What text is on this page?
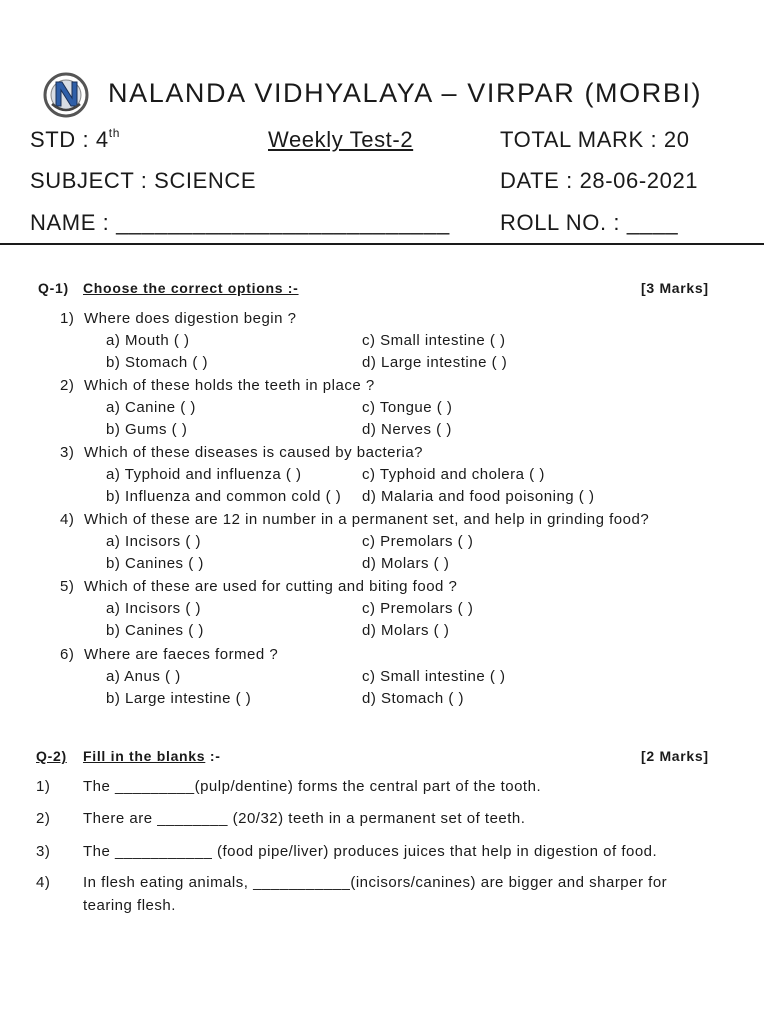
NALANDA VIDHYALAYA – VIRPAR (MORBI)
STD : 4th	Weekly Test-2	TOTAL MARK : 20
SUBJECT : SCIENCE	DATE : 28-06-2021
NAME : __________________________ ROLL NO. : ____
Q-1) Choose the correct options :-	[3 Marks]
1) Where does digestion begin ?
a) Mouth ( )	c) Small intestine ( )
b) Stomach ( )	d) Large intestine ( )
2) Which of these holds the teeth in place ?
a) Canine ( )	c) Tongue ( )
b) Gums ( )	d) Nerves ( )
3) Which of these diseases is caused by bacteria?
a) Typhoid and influenza ( )	c) Typhoid and cholera ( )
b) Influenza and common cold ( ) d) Malaria and food poisoning ( )
4) Which of these are 12 in number in a permanent set, and help in grinding food?
a) Incisors ( )	c) Premolars ( )
b) Canines ( )	d) Molars ( )
5) Which of these are used for cutting and biting food ?
a) Incisors ( )	c) Premolars ( )
b) Canines ( )	d) Molars ( )
6) Where are faeces formed ?
a) Anus ( )	c) Small intestine ( )
b) Large intestine ( )	d) Stomach ( )
Q-2) Fill in the blanks :-	[2 Marks]
1) The _________(pulp/dentine) forms the central part of the tooth.
2) There are ________ (20/32) teeth in a permanent set of teeth.
3) The ___________ (food pipe/liver) produces juices that help in digestion of food.
4) In flesh eating animals, ___________(incisors/canines) are bigger and sharper for
tearing flesh.
